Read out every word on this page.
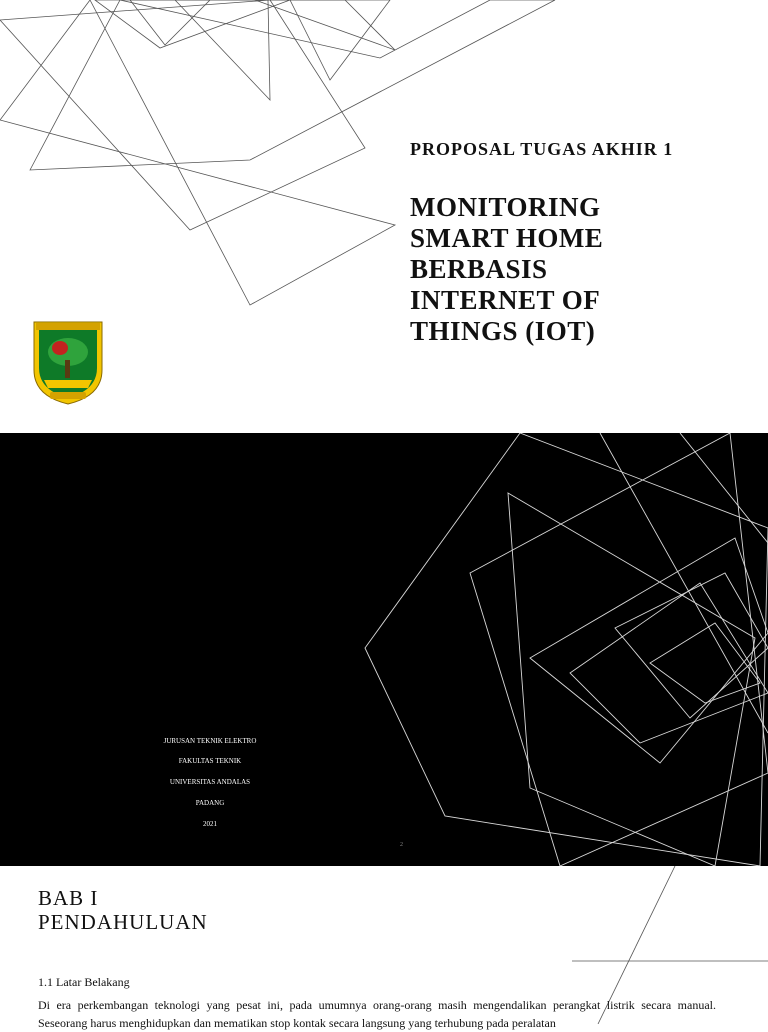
PROPOSAL TUGAS AKHIR 1
MONITORING
SMART HOME
BERBASIS
INTERNET OF
THINGS (IOT)
JURUSAN TEKNIK ELEKTRO
FAKULTAS TEKNIK
UNIVERSITAS ANDALAS
PADANG
2021
2
BAB I
PENDAHULUAN
1.1 Latar Belakang
Di era perkembangan teknologi yang pesat ini, pada umumnya orang-orang masih mengendalikan perangkat listrik secara manual. Seseorang harus menghidupkan dan mematikan stop kontak secara langsung yang terhubung pada peralatan
